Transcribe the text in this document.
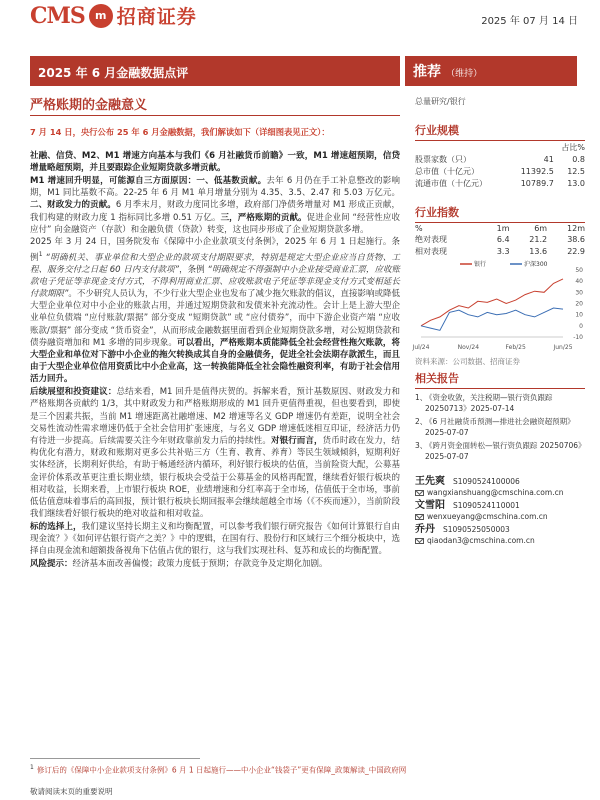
CMS m 招商证券	2025 年 07 月 14 日
2025 年 6 月金融数据点评	推荐 （维持）
严格账期的金融意义
7 月 14 日，央行公布 25 年 6 月金融数据，我们解读如下（详细图表见正文）：

社融、信贷、M2、M1 增速方向基本与我们《6 月社融货币前瞻》一致，M1 增速超预期，信贷增量略超预期，并且要跟踪企业短期贷款多增贡献。

M1 增速回升明显，可能源自三方面原因：一、低基数贡献。去年 6 月仍在手工补息整改的影响期，M1 同比基数不高。22-25 年 6 月 M1 单月增量分别为 4.35、3.5、2.47 和 5.03 万亿元。二、财政发力的贡献。6 月季末月，财政力度同比多增，政府部门净债务增量对 M1 形成正贡献，我们构建的财政力度 1 指标同比多增 0.51 万亿。三，严格账期的贡献。促进企业间 “经营性应收应付” 向金融资产（存款）和金融负债（贷款）转变，这也同步形成了企业短期贷款多增。

2025 年 3 月 24 日，国务院发布《保障中小企业款项支付条例》，2025 年 6 月 1 日起施行。条例$^1$ “明确机关、事业单位和大型企业的款项支付期限要求，特别是规定大型企业应当自货物、工程、服务交付之日起 60 日内支付款项”，条例 “明确规定不得强制中小企业接受商业汇票，应收账款电子凭证等非现金支付方式，不得利用商业汇票、应收账款电子凭证等非现金支付方式变相延长付款期限”。不少研究人员认为，不少行业大型企业也发布了减少拖欠账款的倡议，直接影响或降低大型企业单位对中小企业的账款占用，并通过短期贷款和发债来补充流动性。会计上是上游大型企业单位负债端 “应付账款/票据” 部分变成 “短期贷款” 或 “应付债券”，而中下游企业资产端 “应收账款/票据” 部分变成 “货币资金”，从而形成金融数据里面看到企业短期贷款多增，对公短期贷款和债券融资增加和 M1 多增的同步现象。可以看出，严格账期本质能降低全社会经营性拖欠账款，将大型企业和单位对下游中小企业的拖欠转换成其自身的金融债务，促进全社会法期存款派生，而且由于大型企业单位信用资质比中小企业高，这一转换能降低全社会隐性融资利率，有助于社会信用活力回升。

后续展望和投资建议：总结来看，M1 回升是值得庆贺的。拆解来看，预计基数原因、财政发力和严格账期各贡献约 1/3，其中财政发力和严格账期形成的 M1 回升更值得重视，但也要看到，即使是三个因素共振，当前 M1 增速距离社融增速、M2 增速等名义 GDP 增速仍有差距，说明全社会交易性流动性需求增速仍低于全社会信用扩张速度，与名义 GDP 增速低迷相互印证，经济活力仍有待进一步提高。后续需要关注今年财政靠前发力后的持续性。对银行而言，货币时政在发力，结构优化有潜力，财政和账期对更多公共补贴三方（生育、教育、养育）等民生领域倾斜，短期利好实体经济，长期利好供给，有助于畅通经济内循环，利好银行板块的估值，当前险资大配，公募基金评价体系改革更注重长期业绩，银行板块会受益于公募基金的风格再配置，继续看好银行板块的相对收益，长期来看，上市银行板块 ROE，业绩增速和分红率高于全市场，估值低于全市场，事前低估值意味着事后的高回报，预计银行板块长期回报率会继续超越全市场（《不疾而速》），当前阶段我们继续看好银行板块的绝对收益和相对收益。

标的选择上，我们建议坚持长期主义和均衡配置，可以参考我们银行研究报告《如何计算银行自由现金流？》《如何评估银行资产之美？》中的逻辑，在国有行、股份行和区域行三个细分板块中，选择自由现金流和超额拨备视角下估值占优的银行，这与我们实现社科、复苏和成长的均衡配置。

风险提示：经济基本面改善偏慢；政策力度低于预期；存款竞争及定期化加剧。

总量研究/银行
行业规模
		占比%
股票家数（只）	41	0.8
总市值（十亿元）	11392.5	12.5
流通市值（十亿元）	10789.7	13.0
行业指数
%	1m	6m	12m
绝对表现	6.4	21.2	38.6
相对表现	3.3	13.6	22.9
-10
0
10
20
30
40
50
Jul/24	Nov/24	Feb/25	Jun/25
银行	沪深300
资料来源：公司数据、招商证券
相关报告
1、
《资金收敛，关注税期—银行资负跟踪 20250713》2025-07-14
2、
《6 月社融货币预测—排进社会融资超预期》2025-07-07
3、
《跨月资金面转松—银行资负跟踪 20250706》2025-07-07
王先爽 S1090524100006
wangxianshuang@cmschina.com.cn
文雪阳 S1090524110001
wenxueyang@cmschina.com.cn
乔丹 S1090525050003
qiaodan3@cmschina.com.cn
$^1$ 修订后的《保障中小企业款项支付条例》6 月 1 日起施行——中小企业“钱袋子”更有保障_政策解读_中国政府网
敬请阅读末页的重要说明
